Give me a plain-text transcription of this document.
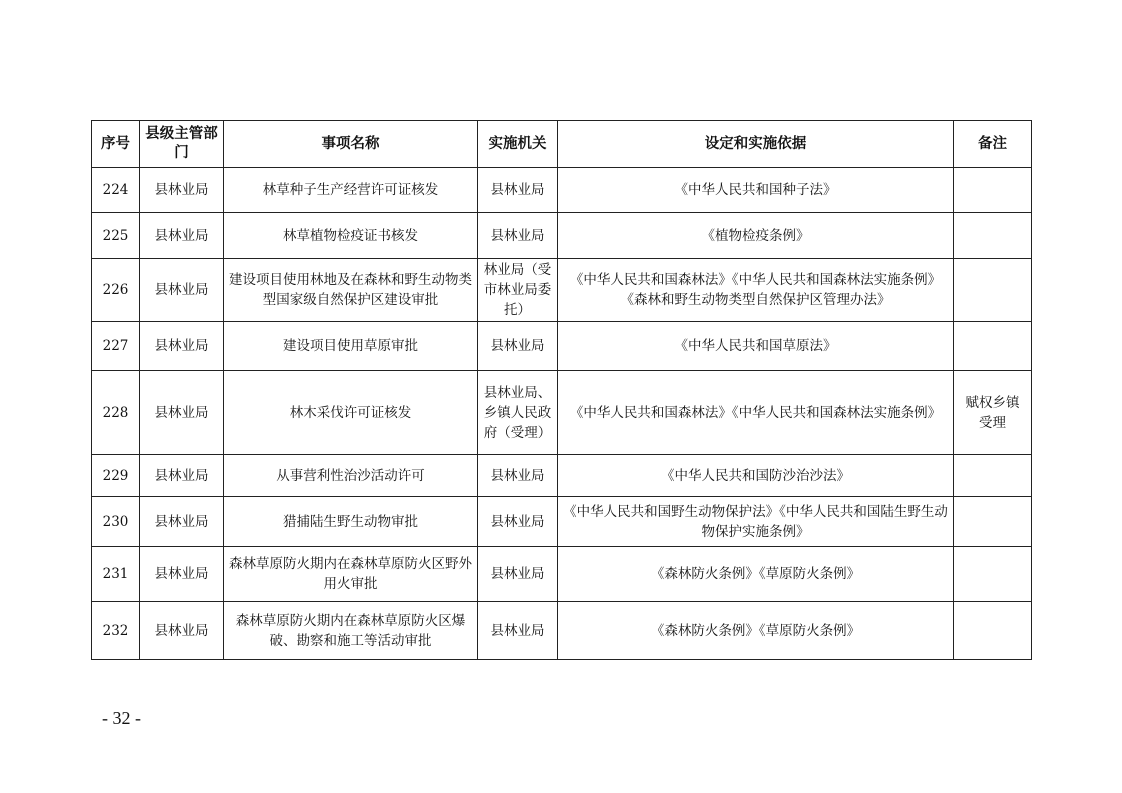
序号	县级主管部门	事项名称	实施机关	设定和实施依据	备注
224	县林业局	林草种子生产经营许可证核发	县林业局	《中华人民共和国种子法》	
225	县林业局	林草植物检疫证书核发	县林业局	《植物检疫条例》	
226	县林业局	建设项目使用林地及在森林和野生动物类型国家级自然保护区建设审批	林业局（受市林业局委托）	《中华人民共和国森林法》《中华人民共和国森林法实施条例》《森林和野生动物类型自然保护区管理办法》	
227	县林业局	建设项目使用草原审批	县林业局	《中华人民共和国草原法》	
228	县林业局	林木采伐许可证核发	县林业局、乡镇人民政府（受理）	《中华人民共和国森林法》《中华人民共和国森林法实施条例》	赋权乡镇受理
229	县林业局	从事营利性治沙活动许可	县林业局	《中华人民共和国防沙治沙法》	
230	县林业局	猎捕陆生野生动物审批	县林业局	《中华人民共和国野生动物保护法》《中华人民共和国陆生野生动物保护实施条例》	
231	县林业局	森林草原防火期内在森林草原防火区野外用火审批	县林业局	《森林防火条例》《草原防火条例》	
232	县林业局	森林草原防火期内在森林草原防火区爆破、勘察和施工等活动审批	县林业局	《森林防火条例》《草原防火条例》	
- 32 -
